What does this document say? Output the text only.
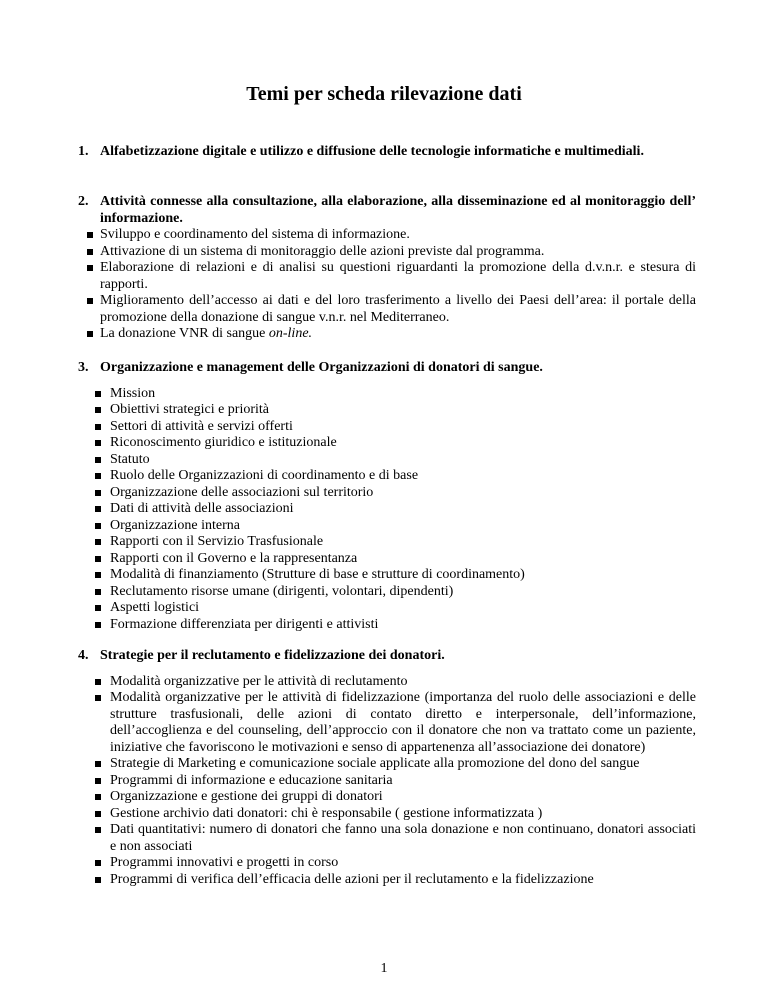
Temi per scheda rilevazione dati
1. Alfabetizzazione digitale e utilizzo e diffusione delle tecnologie informatiche e multimediali.
2. Attività connesse alla consultazione, alla elaborazione, alla disseminazione ed al monitoraggio dell’ informazione.
Sviluppo e coordinamento del sistema di informazione.
Attivazione di un sistema di monitoraggio delle azioni previste dal programma.
Elaborazione di relazioni e di analisi su questioni riguardanti la promozione della d.v.n.r. e stesura di rapporti.
Miglioramento dell’accesso ai dati e del loro trasferimento a livello dei Paesi dell’area: il portale della promozione della donazione di sangue v.n.r. nel Mediterraneo.
La donazione VNR di sangue on-line.
3. Organizzazione e management delle Organizzazioni di donatori di sangue.
Mission
Obiettivi strategici e priorità
Settori di attività e servizi offerti
Riconoscimento giuridico e istituzionale
Statuto
Ruolo delle Organizzazioni di coordinamento e di base
Organizzazione delle associazioni sul territorio
Dati di attività delle associazioni
Organizzazione interna
Rapporti con il Servizio Trasfusionale
Rapporti con il Governo e la rappresentanza
Modalità di finanziamento (Strutture di base e strutture di coordinamento)
Reclutamento risorse umane (dirigenti, volontari, dipendenti)
Aspetti logistici
Formazione differenziata per dirigenti e attivisti
4. Strategie per il reclutamento e fidelizzazione dei donatori.
Modalità organizzative per le attività di reclutamento
Modalità organizzative per le attività di fidelizzazione (importanza del ruolo delle associazioni e delle strutture trasfusionali, delle azioni di contato diretto e interpersonale, dell’informazione, dell’accoglienza e del counseling, dell’approccio con il donatore che non va trattato come un paziente, iniziative che favoriscono le motivazioni e senso di appartenenza all’associazione dei donatore)
Strategie di Marketing e comunicazione sociale applicate alla promozione del dono del sangue
Programmi di informazione e educazione sanitaria
Organizzazione e gestione dei gruppi di donatori
Gestione archivio dati donatori: chi è responsabile ( gestione informatizzata )
Dati quantitativi: numero di donatori che fanno una sola donazione e non continuano, donatori associati e non associati
Programmi innovativi e progetti in corso
Programmi di verifica dell’efficacia delle azioni per il reclutamento e la fidelizzazione
1
